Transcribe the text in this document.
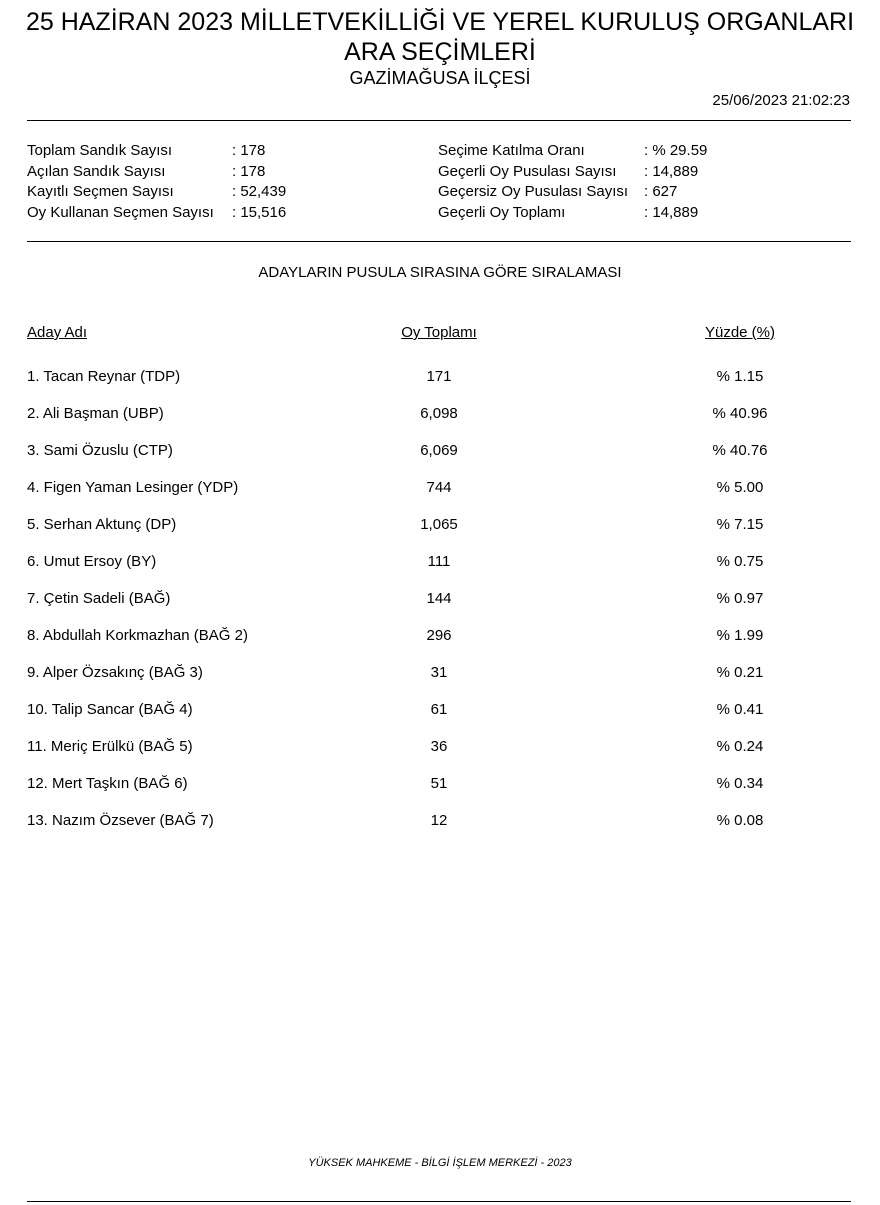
25 HAZİRAN 2023 MİLLETVEKİLLİĞİ VE YEREL KURULUŞ ORGANLARI
ARA SEÇİMLERİ
GAZİMAĞUSA İLÇESİ
25/06/2023 21:02:23
Toplam Sandık Sayısı	: 178
Açılan Sandık Sayısı	: 178
Kayıtlı Seçmen Sayısı	: 52,439
Oy Kullanan Seçmen Sayısı	: 15,516
Seçime Katılma Oranı	: % 29.59
Geçerli Oy Pusulası Sayısı	: 14,889
Geçersiz Oy Pusulası Sayısı	: 627
Geçerli Oy Toplamı	: 14,889
ADAYLARIN PUSULA SIRASINA GÖRE SIRALAMASI
Aday Adı	Oy Toplamı	Yüzde (%)
1. Tacan Reynar (TDP)	171	% 1.15
2. Ali Başman (UBP)	6,098	% 40.96
3. Sami Özuslu (CTP)	6,069	% 40.76
4. Figen Yaman Lesinger (YDP)	744	% 5.00
5. Serhan Aktunç (DP)	1,065	% 7.15
6. Umut Ersoy (BY)	111	% 0.75
7. Çetin Sadeli (BAĞ)	144	% 0.97
8. Abdullah Korkmazhan (BAĞ 2)	296	% 1.99
9. Alper Özsakınç (BAĞ 3)	31	% 0.21
10. Talip Sancar (BAĞ 4)	61	% 0.41
11. Meriç Erülkü (BAĞ 5)	36	% 0.24
12. Mert Taşkın (BAĞ 6)	51	% 0.34
13. Nazım Özsever (BAĞ 7)	12	% 0.08
YÜKSEK MAHKEME - BİLGİ İŞLEM MERKEZİ - 2023
